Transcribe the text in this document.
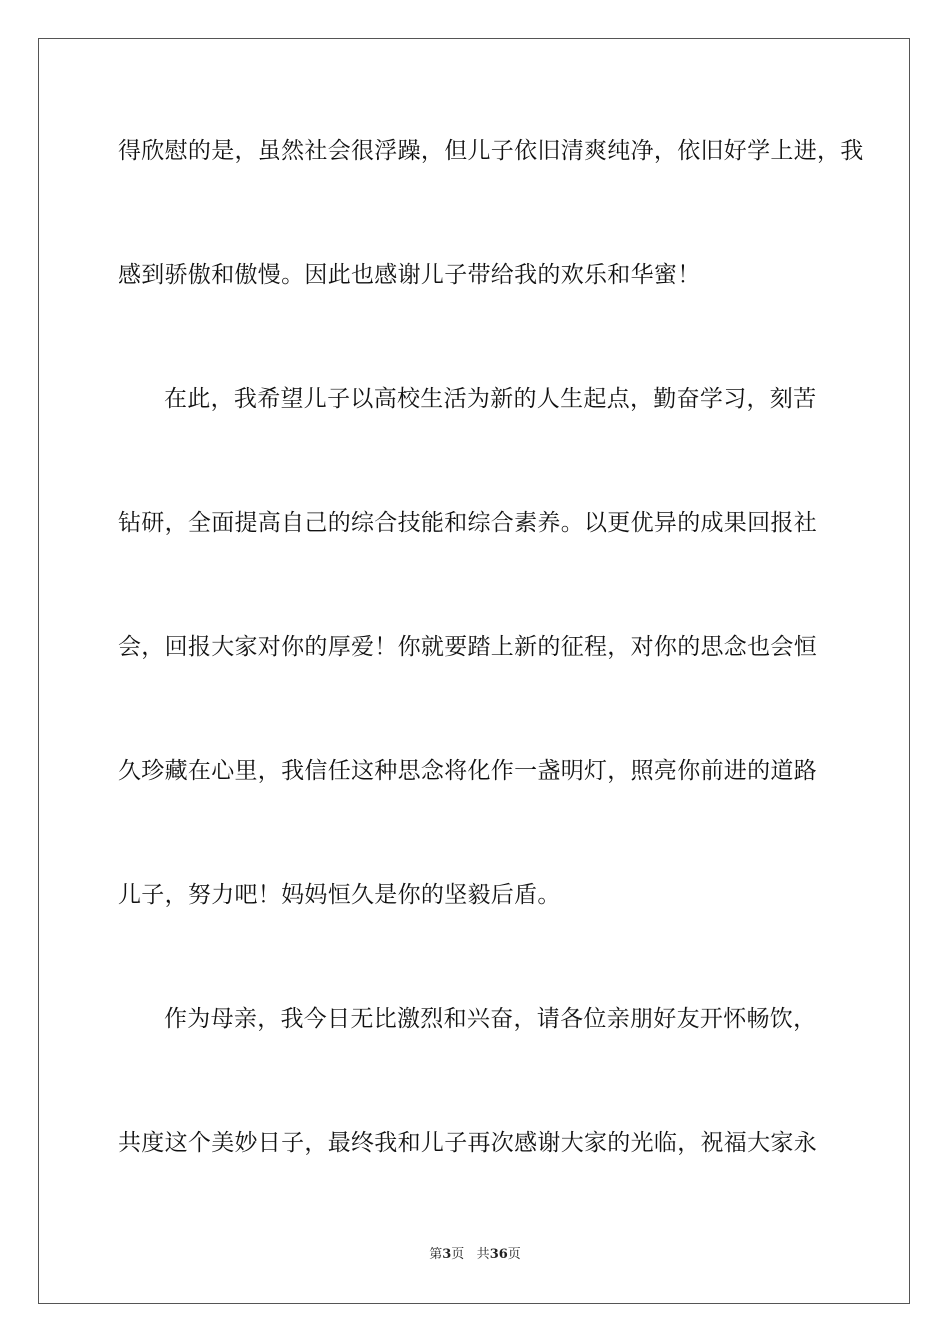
得欣慰的是，虽然社会很浮躁，但儿子依旧清爽纯净，依旧好学上进，我
感到骄傲和傲慢。因此也感谢儿子带给我的欢乐和华蜜！
在此，我希望儿子以高校生活为新的人生起点，勤奋学习，刻苦
钻研，全面提高自己的综合技能和综合素养。以更优异的成果回报社
会，回报大家对你的厚爱！你就要踏上新的征程，对你的思念也会恒
久珍藏在心里，我信任这种思念将化作一盏明灯，照亮你前进的道路
儿子，努力吧！妈妈恒久是你的坚毅后盾。
作为母亲，我今日无比激烈和兴奋，请各位亲朋好友开怀畅饮，
共度这个美妙日子，最终我和儿子再次感谢大家的光临，祝福大家永
第3页 共36页
